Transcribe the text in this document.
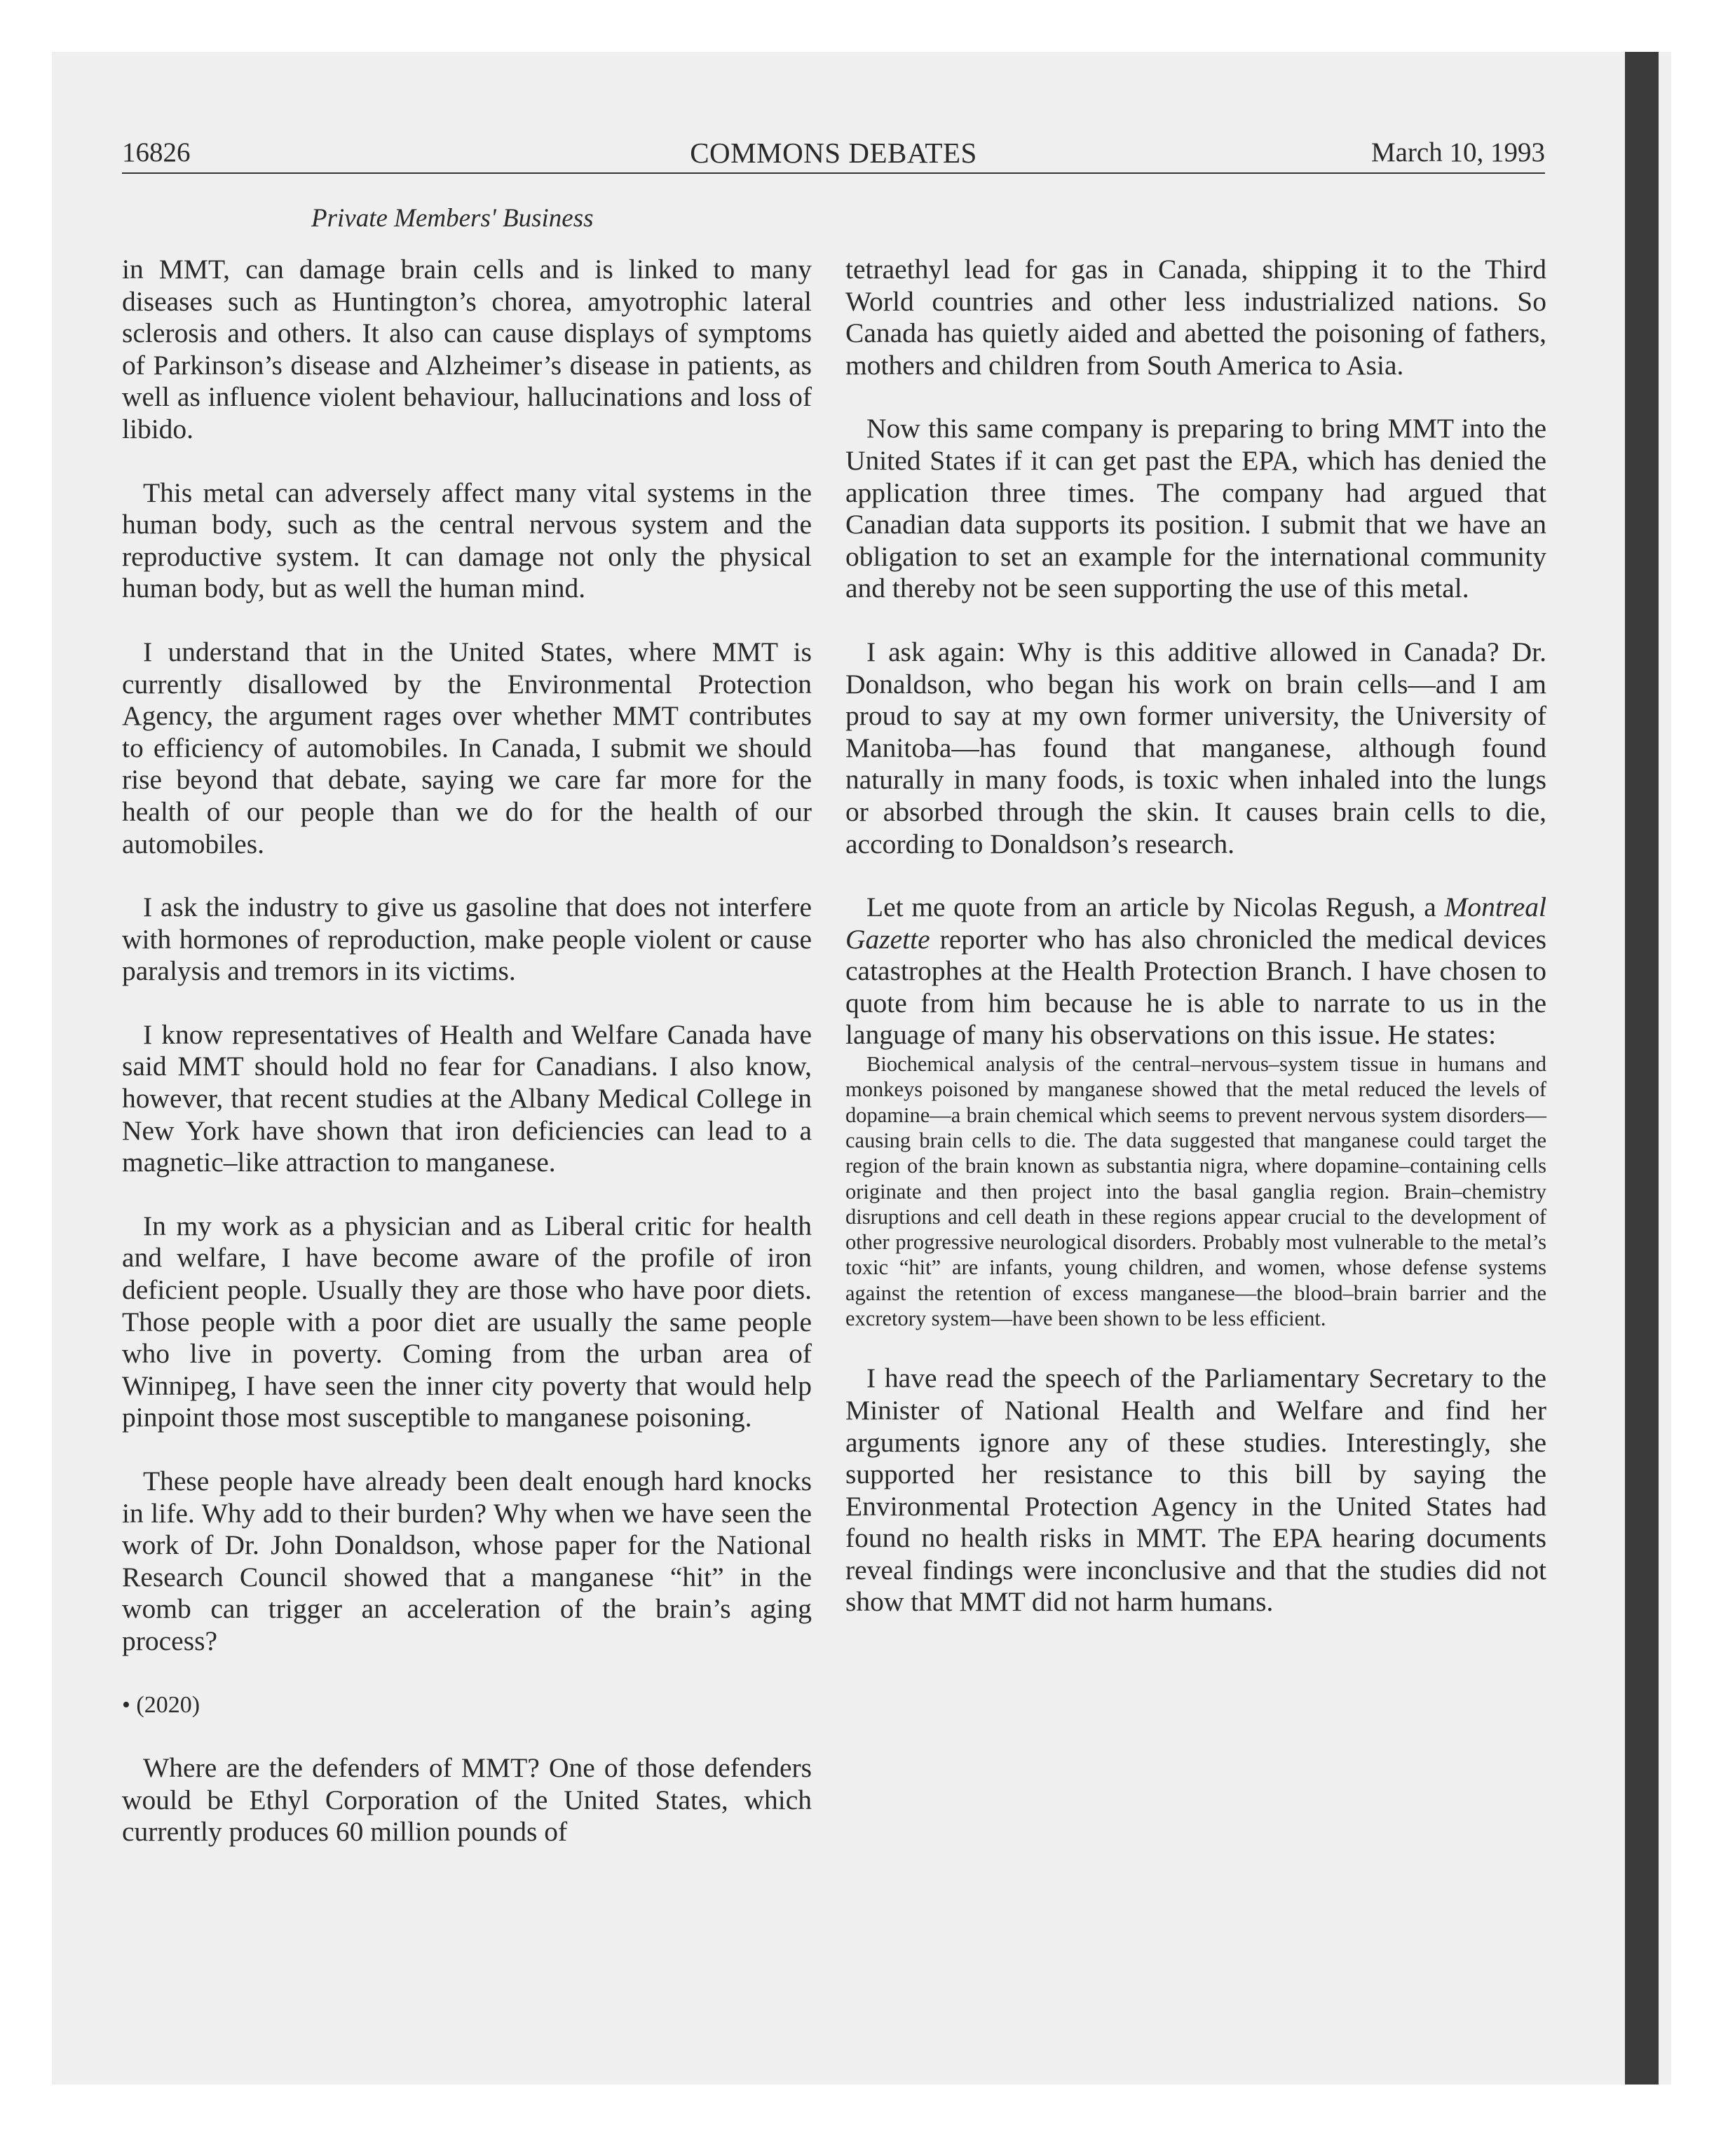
16826	COMMONS DEBATES	March 10, 1993
Private Members' Business

in MMT, can damage brain cells and is linked to many diseases such as Huntington’s chorea, amyotrophic lateral sclerosis and others. It also can cause displays of symptoms of Parkinson’s disease and Alzheimer’s disease in patients, as well as influence violent behaviour, hallucinations and loss of libido.

This metal can adversely affect many vital systems in the human body, such as the central nervous system and the reproductive system. It can damage not only the physical human body, but as well the human mind.

I understand that in the United States, where MMT is currently disallowed by the Environmental Protection Agency, the argument rages over whether MMT contributes to efficiency of automobiles. In Canada, I submit we should rise beyond that debate, saying we care far more for the health of our people than we do for the health of our automobiles.

I ask the industry to give us gasoline that does not interfere with hormones of reproduction, make people violent or cause paralysis and tremors in its victims.

I know representatives of Health and Welfare Canada have said MMT should hold no fear for Canadians. I also know, however, that recent studies at the Albany Medical College in New York have shown that iron deficiencies can lead to a magnetic–like attraction to manganese.

In my work as a physician and as Liberal critic for health and welfare, I have become aware of the profile of iron deficient people. Usually they are those who have poor diets. Those people with a poor diet are usually the same people who live in poverty. Coming from the urban area of Winnipeg, I have seen the inner city poverty that would help pinpoint those most susceptible to manganese poisoning.

These people have already been dealt enough hard knocks in life. Why add to their burden? Why when we have seen the work of Dr. John Donaldson, whose paper for the National Research Council showed that a manganese “hit” in the womb can trigger an acceleration of the brain’s aging process?

• (2020)

Where are the defenders of MMT? One of those defenders would be Ethyl Corporation of the United States, which currently produces 60 million pounds of

tetraethyl lead for gas in Canada, shipping it to the Third World countries and other less industrialized nations. So Canada has quietly aided and abetted the poisoning of fathers, mothers and children from South America to Asia.

Now this same company is preparing to bring MMT into the United States if it can get past the EPA, which has denied the application three times. The company had argued that Canadian data supports its position. I submit that we have an obligation to set an example for the international community and thereby not be seen supporting the use of this metal.

I ask again: Why is this additive allowed in Canada? Dr. Donaldson, who began his work on brain cells—and I am proud to say at my own former university, the University of Manitoba—has found that manganese, although found naturally in many foods, is toxic when inhaled into the lungs or absorbed through the skin. It causes brain cells to die, according to Donaldson’s research.

Let me quote from an article by Nicolas Regush, a Montreal Gazette reporter who has also chronicled the medical devices catastrophes at the Health Protection Branch. I have chosen to quote from him because he is able to narrate to us in the language of many his observations on this issue. He states:

Biochemical analysis of the central–nervous–system tissue in humans and monkeys poisoned by manganese showed that the metal reduced the levels of dopamine—a brain chemical which seems to prevent nervous system disorders—causing brain cells to die. The data suggested that manganese could target the region of the brain known as substantia nigra, where dopamine–containing cells originate and then project into the basal ganglia region. Brain–chemistry disruptions and cell death in these regions appear crucial to the development of other progressive neurological disorders. Probably most vulnerable to the metal’s toxic “hit” are infants, young children, and women, whose defense systems against the retention of excess manganese—the blood–brain barrier and the excretory system—have been shown to be less efficient.

I have read the speech of the Parliamentary Secretary to the Minister of National Health and Welfare and find her arguments ignore any of these studies. Interestingly, she supported her resistance to this bill by saying the Environmental Protection Agency in the United States had found no health risks in MMT. The EPA hearing documents reveal findings were inconclusive and that the studies did not show that MMT did not harm humans.
